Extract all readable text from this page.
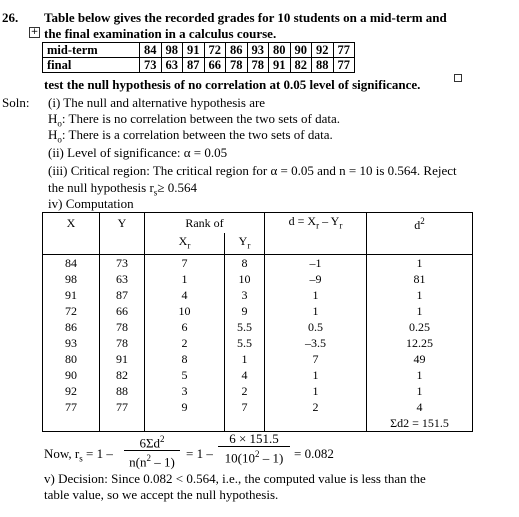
26. Table below gives the recorded grades for 10 students on a mid-term and
+ the final examination in a calculus course.
mid-term	84	98	91	72	86	93	80	90	92	77
final	73	63	87	66	78	78	91	82	88	77
test the null hypothesis of no correlation at 0.05 level of significance.
Soln: (i) The null and alternative hypothesis are
$H_o$: There is no correlation between the two sets of data.
$H_o$: There is a correlation between the two sets of data.
(ii) Level of significance: α = 0.05
(iii) Critical region: The critical region for α = 0.05 and n = 10 is 0.564. Reject
the null hypothesis $r_s\ge 0.564$
iv) Computation
X	Y	Rank of		$d = X_r - Y_r$	$d^2$
		$X_r$	$Y_r$		
84	73	7	8	–1	1
98	63	1	10	–9	81
91	87	4	3	1	1
72	66	10	9	1	1
86	78	6	5.5	0.5	0.25
93	78	2	5.5	–3.5	12.25
80	91	8	1	7	49
90	82	5	4	1	1
92	88	3	2	1	1
77	77	9	7	2	4
					Σd2 = 151.5
Now, $r_s = 1 - \frac{6\Sigma d^2}{n(n^2 - 1)} = 1 - \frac{6 \times 151.5}{10(10^2 - 1)} = 0.082$
v) Decision: Since 0.082 < 0.564, i.e., the computed value is less than the
table value, so we accept the null hypothesis.
